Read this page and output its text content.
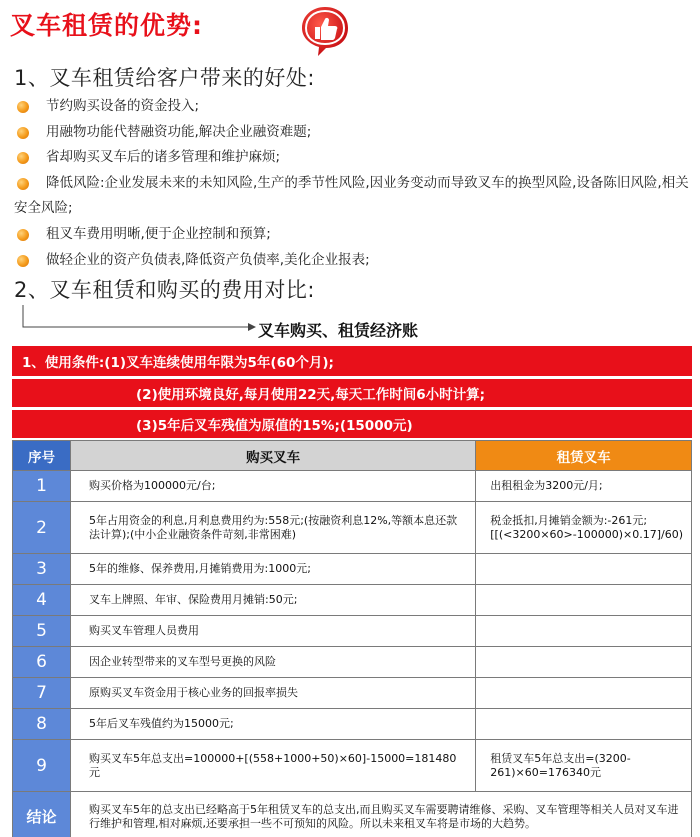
叉车租赁的优势:
1、叉车租赁给客户带来的好处:
节约购买设备的资金投入;
用融物功能代替融资功能,解决企业融资难题;
省却购买叉车后的诸多管理和维护麻烦;
降低风险:企业发展未来的未知风险,生产的季节性风险,因业务变动而导致叉车的换型风险,设备陈旧风险,相关安全风险;
租叉车费用明晰,便于企业控制和预算;
做轻企业的资产负债表,降低资产负债率,美化企业报表;
2、叉车租赁和购买的费用对比:
叉车购买、租赁经济账
1、使用条件:(1)叉车连续使用年限为5年(60个月);
(2)使用环境良好,每月使用22天,每天工作时间6小时计算;
(3)5年后叉车残值为原值的15%;(15000元)
序号	购买叉车	租赁叉车
1	购买价格为100000元/台;	出租租金为3200元/月;
2	5年占用资金的利息,月利息费用约为:558元;(按融资利息12%,等额本息还款法计算);(中小企业融资条件苛刻,非常困难)	税金抵扣,月摊销金额为:-261元;[[(<3200×60>-100000)×0.17]/60)
3	5年的维修、保养费用,月摊销费用为:1000元;	
4	叉车上牌照、年审、保险费用月摊销:50元;	
5	购买叉车管理人员费用	
6	因企业转型带来的叉车型号更换的风险	
7	原购买叉车资金用于核心业务的回报率损失	
8	5年后叉车残值约为15000元;	
9	购买叉车5年总支出=100000+[(558+1000+50)×60]-15000=181480元	租赁叉车5年总支出=(3200-261)×60=176340元
结论	购买叉车5年的总支出已经略高于5年租赁叉车的总支出,而且购买叉车需要聘请维修、采购、叉车管理等相关人员对叉车进行维护和管理,相对麻烦,还要承担一些不可预知的风险。所以未来租叉车将是市场的大趋势。	
